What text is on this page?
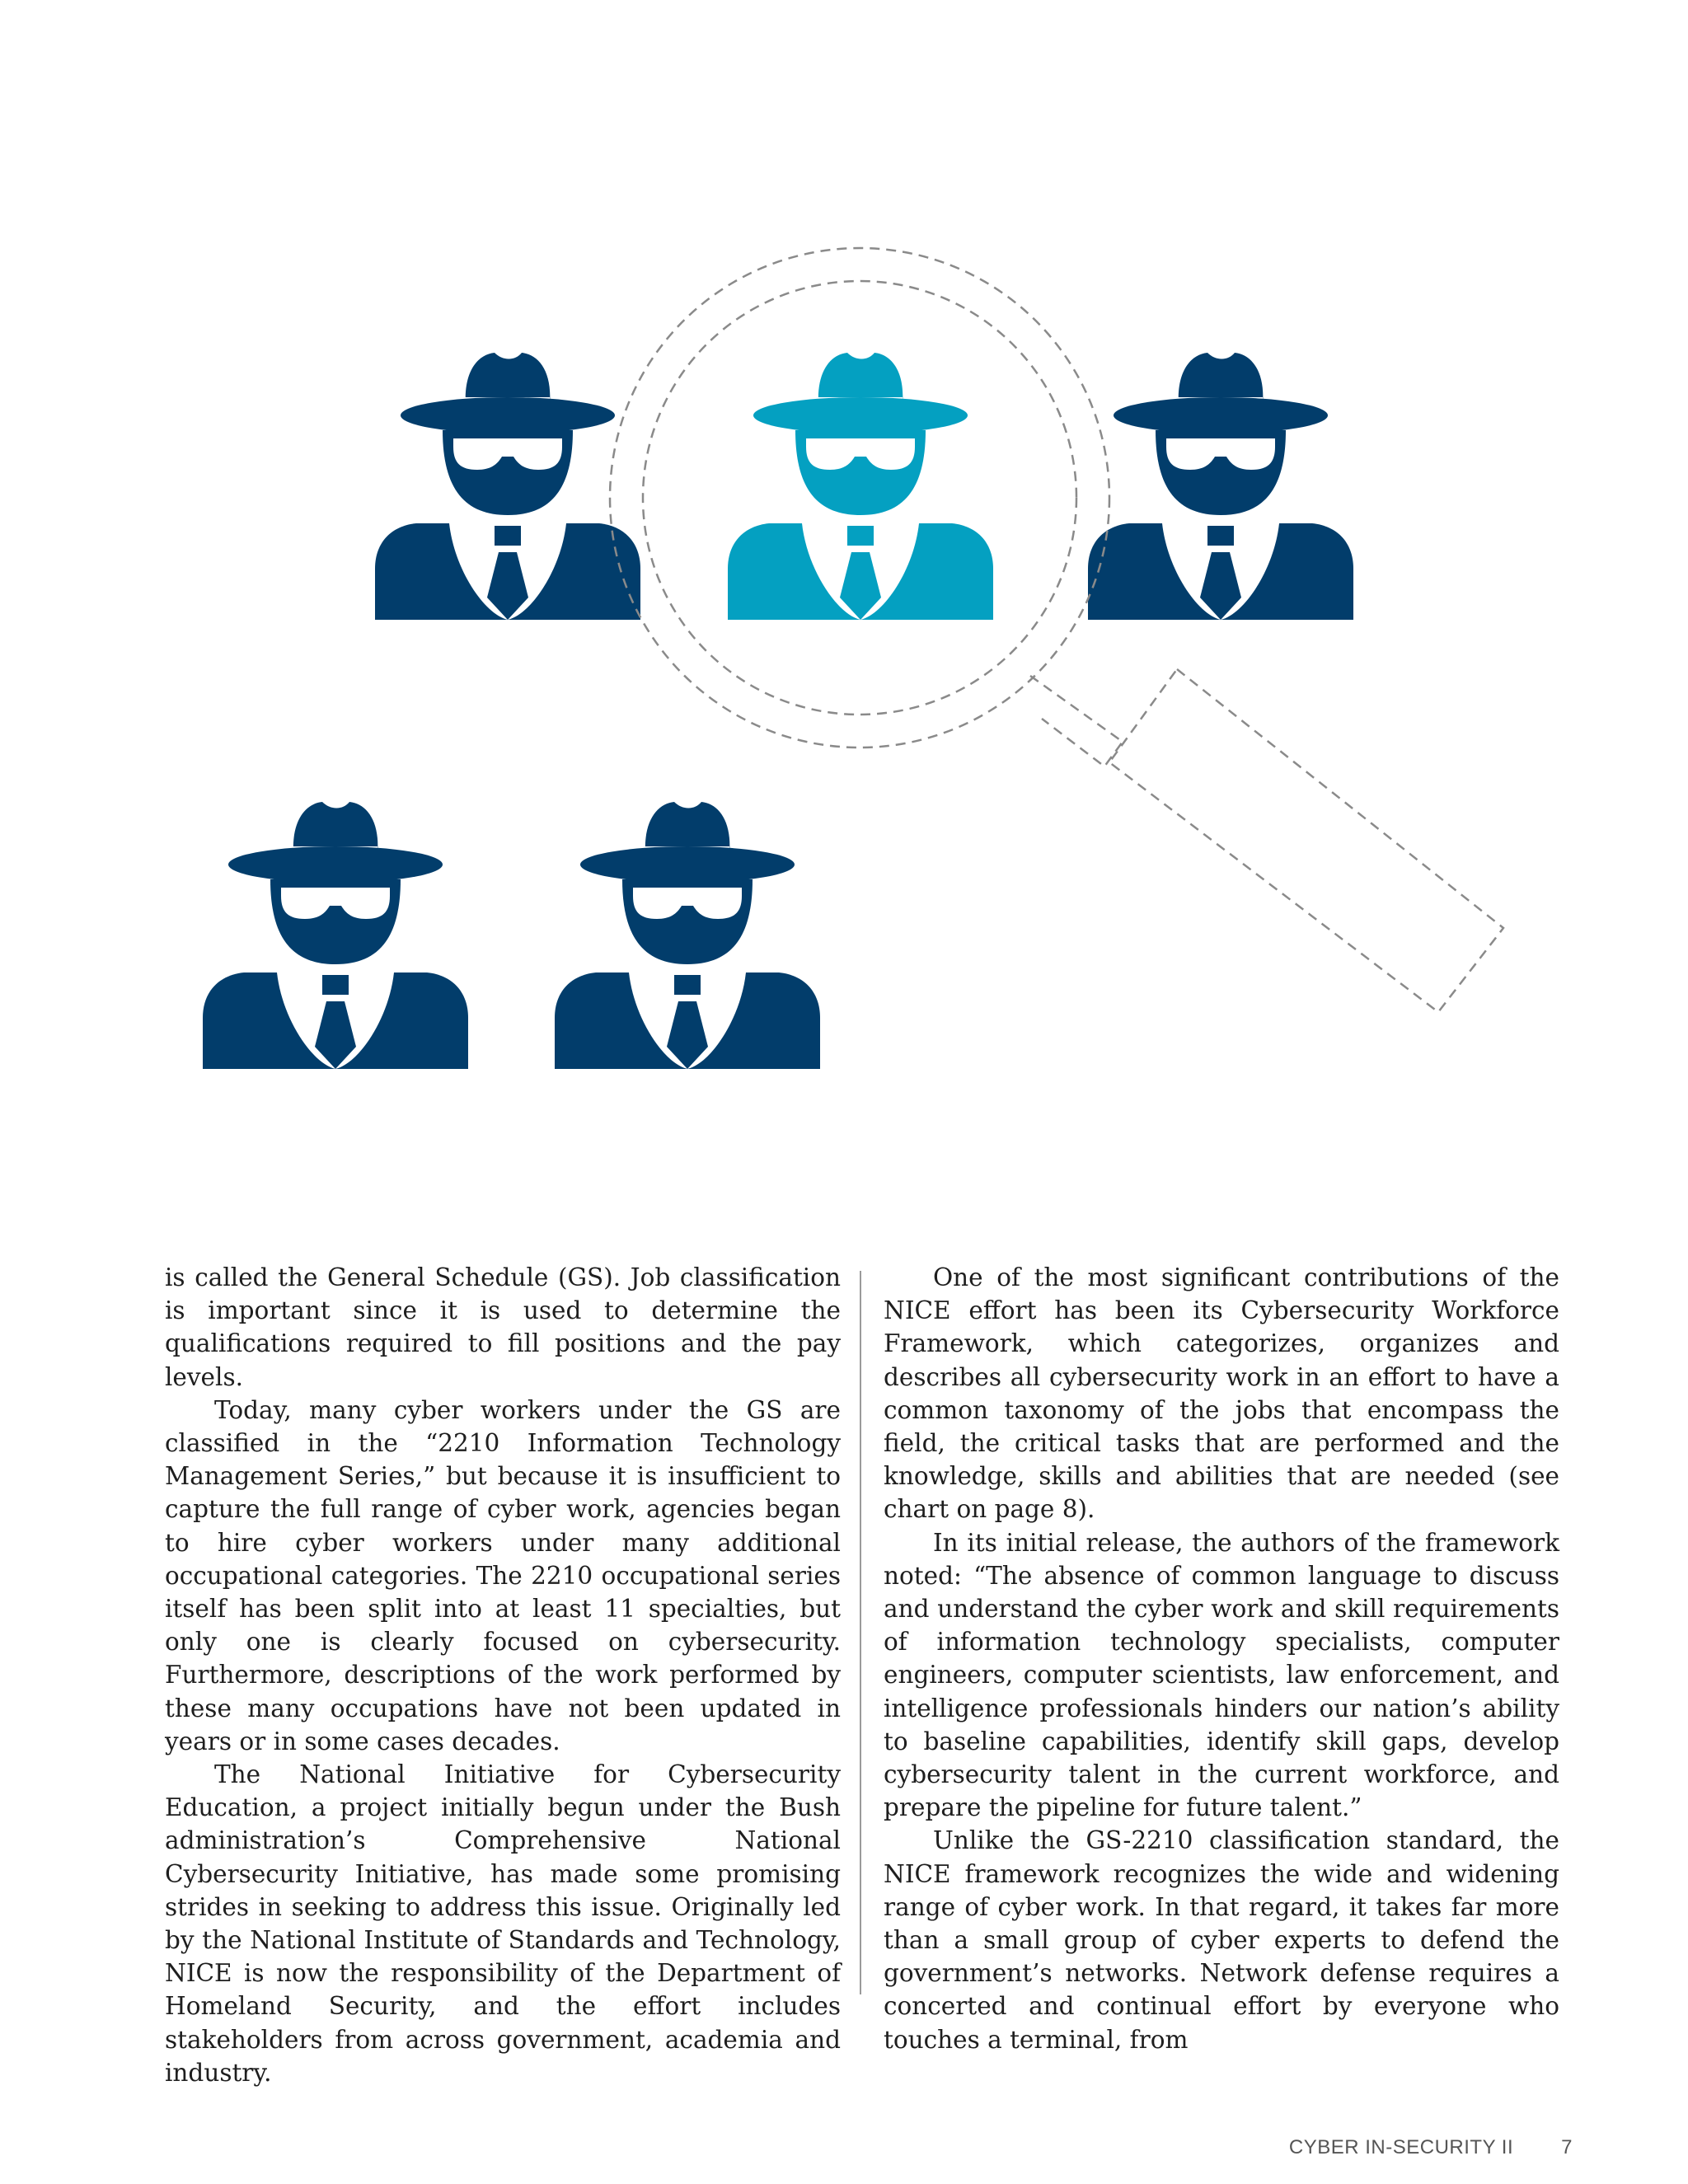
is called the General Schedule (GS). Job classification is important since it is used to determine the qualifications required to fill positions and the pay levels.

Today, many cyber workers under the GS are classified in the “2210 Information Technology Management Series,” but because it is insufficient to capture the full range of cyber work, agencies began to hire cyber workers under many additional occupational categories. The 2210 occupational series itself has been split into at least 11 specialties, but only one is clearly focused on cybersecurity. Furthermore, descriptions of the work performed by these many occupations have not been updated in years or in some cases decades.

The National Initiative for Cybersecurity Education, a project initially begun under the Bush administration’s Comprehensive National Cybersecurity Initiative, has made some promising strides in seeking to address this issue. Originally led by the National Institute of Standards and Technology, NICE is now the responsibility of the Department of Homeland Security, and the effort includes stakeholders from across government, academia and industry.

One of the most significant contributions of the NICE effort has been its Cybersecurity Workforce Framework, which categorizes, organizes and describes all cybersecurity work in an effort to have a common taxonomy of the jobs that encompass the field, the critical tasks that are performed and the knowledge, skills and abilities that are needed (see chart on page 8).

In its initial release, the authors of the framework noted: “The absence of common language to discuss and understand the cyber work and skill requirements of information technology specialists, computer engineers, computer scientists, law enforcement, and intelligence professionals hinders our nation’s ability to baseline capabilities, identify skill gaps, develop cybersecurity talent in the current workforce, and prepare the pipeline for future talent.”

Unlike the GS-2210 classification standard, the NICE framework recognizes the wide and widening range of cyber work. In that regard, it takes far more than a small group of cyber experts to defend the government’s networks. Network defense requires a concerted and continual effort by everyone who touches a terminal, from

CYBER IN-SECURITY II 7
